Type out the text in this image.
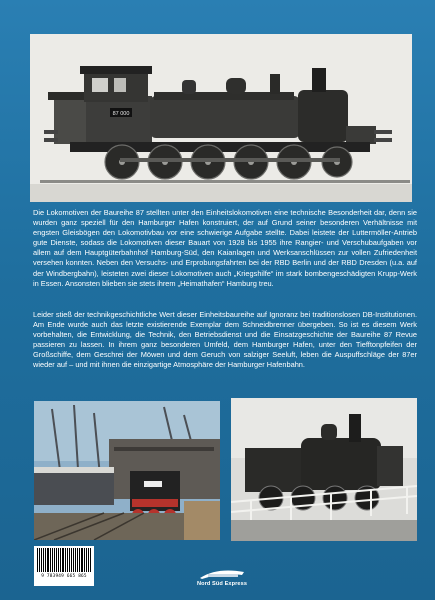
87 000

Die Lokomotiven der Baureihe 87 stellten unter den Einheitslokomotiven eine technische Besonderheit dar, denn sie wurden ganz speziell für den Hamburger Hafen konstruiert, der auf Grund seiner besonderen Verhältnisse mit engsten Gleisbögen den Lokomotivbau vor eine schwierige Aufgabe stellte. Dabei leistete der Luttermöller-Antrieb gute Dienste, sodass die Lokomotiven dieser Bauart von 1928 bis 1955 ihre Rangier- und Verschubaufgaben vor allem auf dem Hauptgüterbahnhof Hamburg-Süd, den Kaianlagen und Werksanschlüssen zur vollen Zufriedenheit versehen konnten. Neben den Versuchs- und Erprobungsfahrten bei der RBD Berlin und der RBD Dresden (u.a. auf der Windbergbahn), leisteten zwei dieser Lokomotiven auch „Kriegshilfe“ im stark bombengeschädigten Krupp-Werk in Essen. Ansonsten blieben sie stets ihrem „Heimathafen“ Hamburg treu.

Leider stieß der technikgeschichtliche Wert dieser Einheitsbaureihe auf Ignoranz bei traditionslosen DB-Institutionen. Am Ende wurde auch das letzte existierende Exemplar dem Schneidbrenner übergeben. So ist es diesem Werk vorbehalten, die Entwicklung, die Technik, den Betriebsdienst und die Einsatzgeschichte der Baureihe 87 Revue passieren zu lassen. In ihrem ganz besonderen Umfeld, dem Hamburger Hafen, unter den Tiefftonpfeifen der Großschiffe, dem Geschrei der Möwen und dem Geruch von salziger Seeluft, leben die Auspuffschläge der 87er wieder auf – und mit ihnen die einzigartige Atmosphäre der Hamburger Hafenbahn.

9 783949 665 865
Nord Süd Express
